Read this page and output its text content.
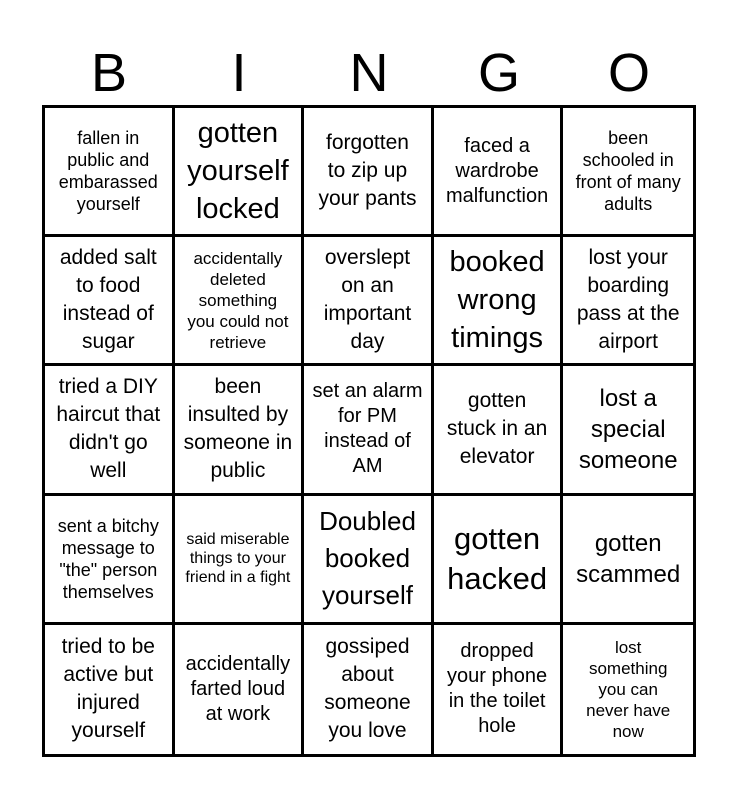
B	I	N	G	O
fallen in public and embarassed yourself
gotten yourself locked
forgotten to zip up your pants
faced a wardrobe malfunction
been schooled in front of many adults
added salt to food instead of sugar
accidentally deleted something you could not retrieve
overslept on an important day
booked wrong timings
lost your boarding pass at the airport
tried a DIY haircut that didn't go well
been insulted by someone in public
set an alarm for PM instead of AM
gotten stuck in an elevator
lost a special someone
sent a bitchy message to "the" person themselves
said miserable things to your friend in a fight
Doubled booked yourself
gotten hacked
gotten scammed
tried to be active but injured yourself
accidentally farted loud at work
gossiped about someone you love
dropped your phone in the toilet hole
lost something you can never have now
